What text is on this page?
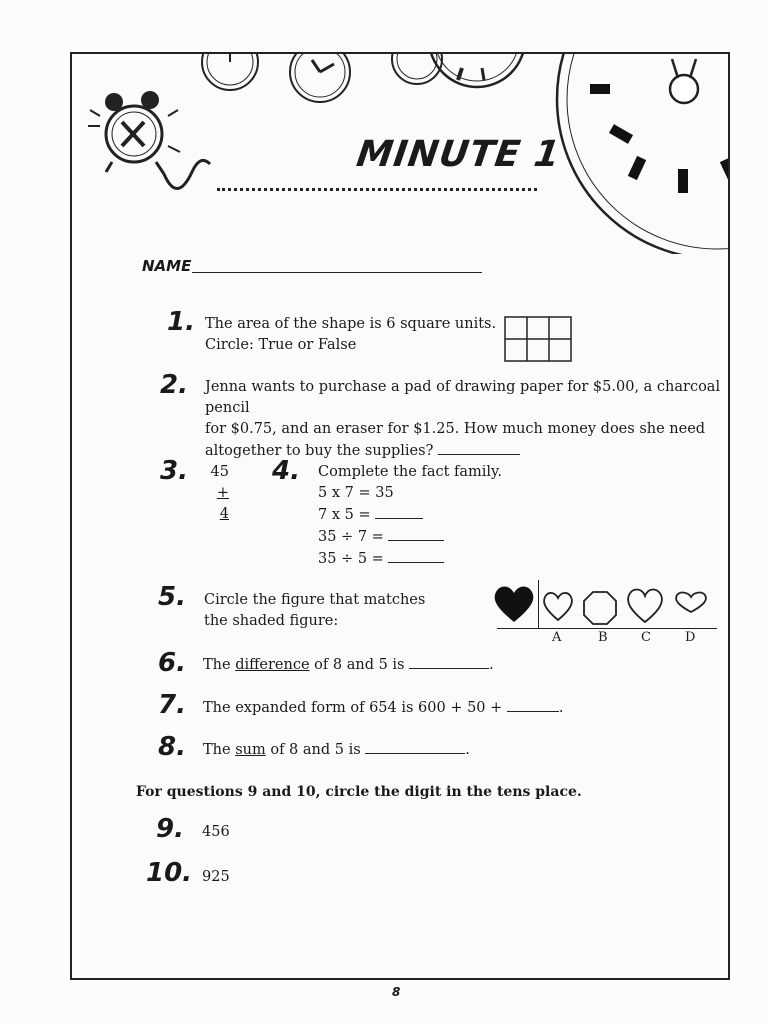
MINUTE 1
NAME
1. The area of the shape is 6 square units.
Circle: True or False
2. Jenna wants to purchase a pad of drawing paper for $5.00, a charcoal pencil
for $0.75, and an eraser for $1.25. How much money does she need
altogether to buy the supplies?
3. 45
+ 4
4. Complete the fact family.
5 x 7 = 35
7 x 5 =
35 ÷ 7 =
35 ÷ 5 =
5. Circle the figure that matches
the shaded figure:
A	B	C	D
6. The difference of 8 and 5 is	.
7. The expanded form of 654 is 600 + 50 +	.
8. The sum of 8 and 5 is	.
For questions 9 and 10, circle the digit in the tens place.
9. 456
10. 925
8
